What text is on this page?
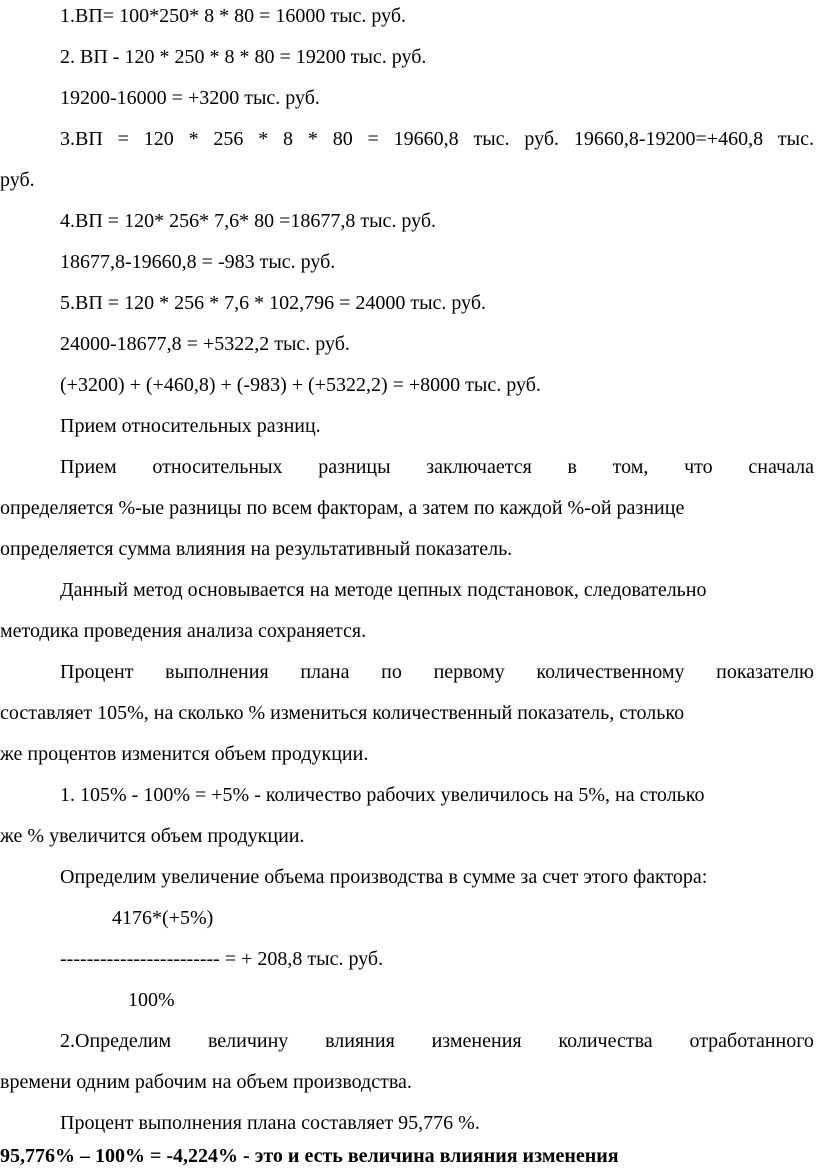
1.ВП= 100*250* 8 * 80 = 16000 тыс. руб.

2. ВП - 120 * 250 * 8 * 80 = 19200 тыс. руб.

19200-16000 = +3200 тыс. руб.

3.ВП = 120 * 256 * 8 * 80 = 19660,8 тыс. руб. 19660,8-19200=+460,8 тыс.

руб.

4.ВП = 120* 256* 7,6* 80 =18677,8 тыс. руб.

18677,8-19660,8 = -983 тыс. руб.

5.ВП = 120 * 256 * 7,6 * 102,796 = 24000 тыс. руб.

24000-18677,8 = +5322,2 тыс. руб.

(+3200) + (+460,8) + (-983) + (+5322,2) = +8000 тыс. руб.

Прием относительных разниц.

Прием относительных разницы заключается в том, что сначала

определяется %-ые разницы по всем факторам, а затем по каждой %-ой разнице

определяется сумма влияния на результативный показатель.

Данный метод основывается на методе цепных подстановок, следовательно

методика проведения анализа сохраняется.

Процент выполнения плана по первому количественному показателю

составляет 105%, на сколько % измениться количественный показатель, столько

же процентов изменится объем продукции.

1. 105% - 100% = +5% - количество рабочих увеличилось на 5%, на столько

же % увеличится объем продукции.

Определим увеличение объема производства в сумме за счет этого фактора:

4176*(+5%)

------------------------ = + 208,8 тыс. руб.

100%

2.Определим величину влияния изменения количества отработанного

времени одним рабочим на объем производства.

Процент выполнения плана составляет 95,776 %.

95,776% – 100% = -4,224% - это и есть величина влияния изменения
